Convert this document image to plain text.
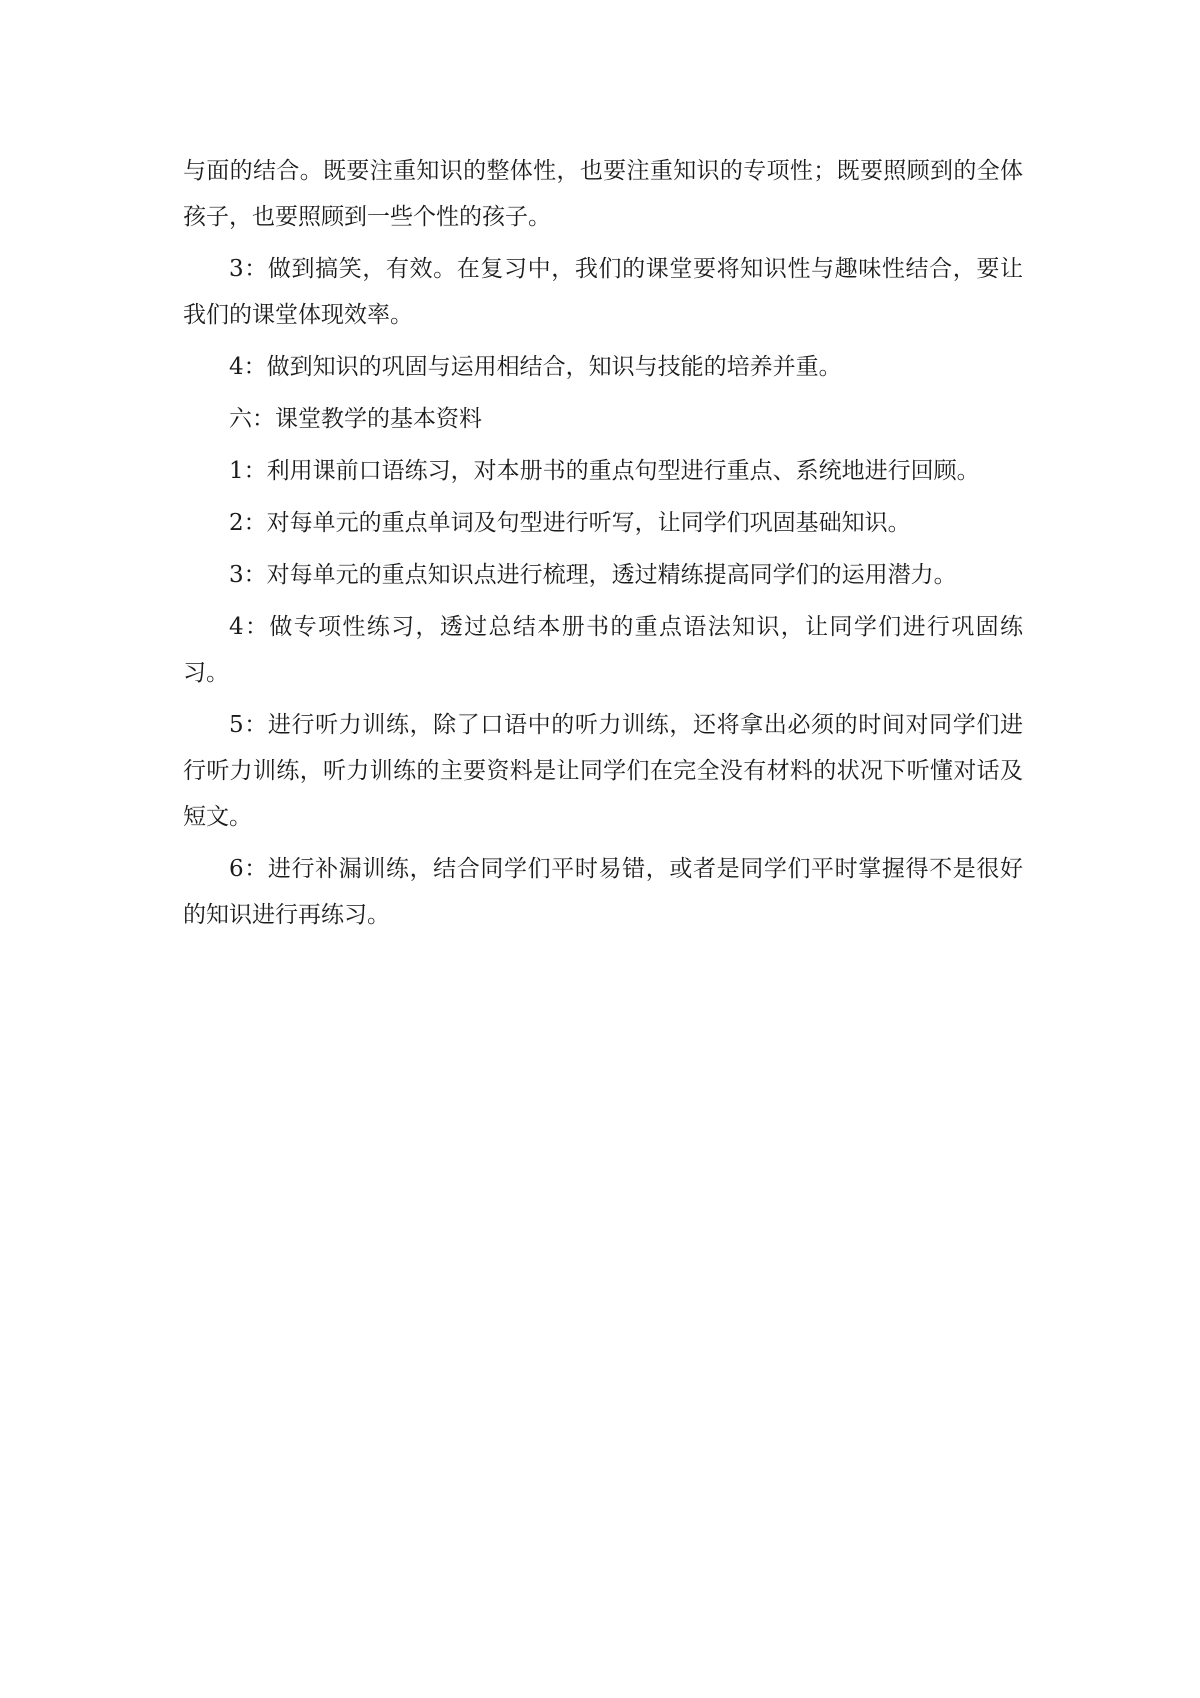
与面的结合。既要注重知识的整体性，也要注重知识的专项性；既要照顾到的全体孩子，也要照顾到一些个性的孩子。

3：做到搞笑，有效。在复习中，我们的课堂要将知识性与趣味性结合，要让我们的课堂体现效率。

4：做到知识的巩固与运用相结合，知识与技能的培养并重。

六：课堂教学的基本资料

1：利用课前口语练习，对本册书的重点句型进行重点、系统地进行回顾。

2：对每单元的重点单词及句型进行听写，让同学们巩固基础知识。

3：对每单元的重点知识点进行梳理，透过精练提高同学们的运用潜力。

4：做专项性练习，透过总结本册书的重点语法知识，让同学们进行巩固练习。

5：进行听力训练，除了口语中的听力训练，还将拿出必须的时间对同学们进行听力训练，听力训练的主要资料是让同学们在完全没有材料的状况下听懂对话及短文。

6：进行补漏训练，结合同学们平时易错，或者是同学们平时掌握得不是很好的知识进行再练习。
